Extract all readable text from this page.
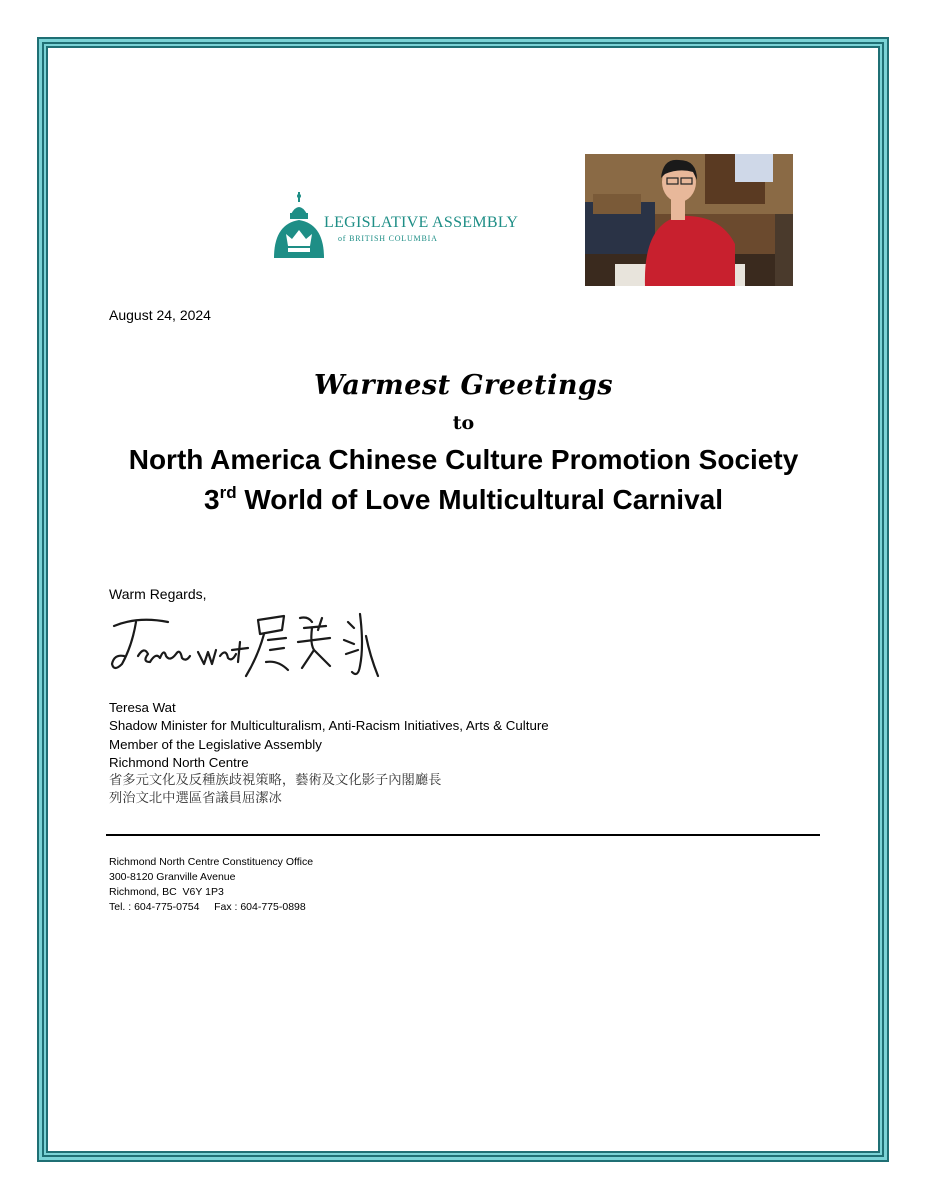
LEGISLATIVE ASSEMBLY
of BRITISH COLUMBIA
August 24, 2024
Warmest Greetings
to
North America Chinese Culture Promotion Society
3rd World of Love Multicultural Carnival
Warm Regards,
Teresa Wat
Shadow Minister for Multiculturalism, Anti-Racism Initiatives, Arts & Culture
Member of the Legislative Assembly
Richmond North Centre
省多元文化及反種族歧視策略，藝術及文化影子內閣廳長
列治文北中選區省議員屈潔冰
Richmond North Centre Constituency Office
300-8120 Granville Avenue
Richmond, BC  V6Y 1P3
Tel. : 604-775-0754     Fax : 604-775-0898
